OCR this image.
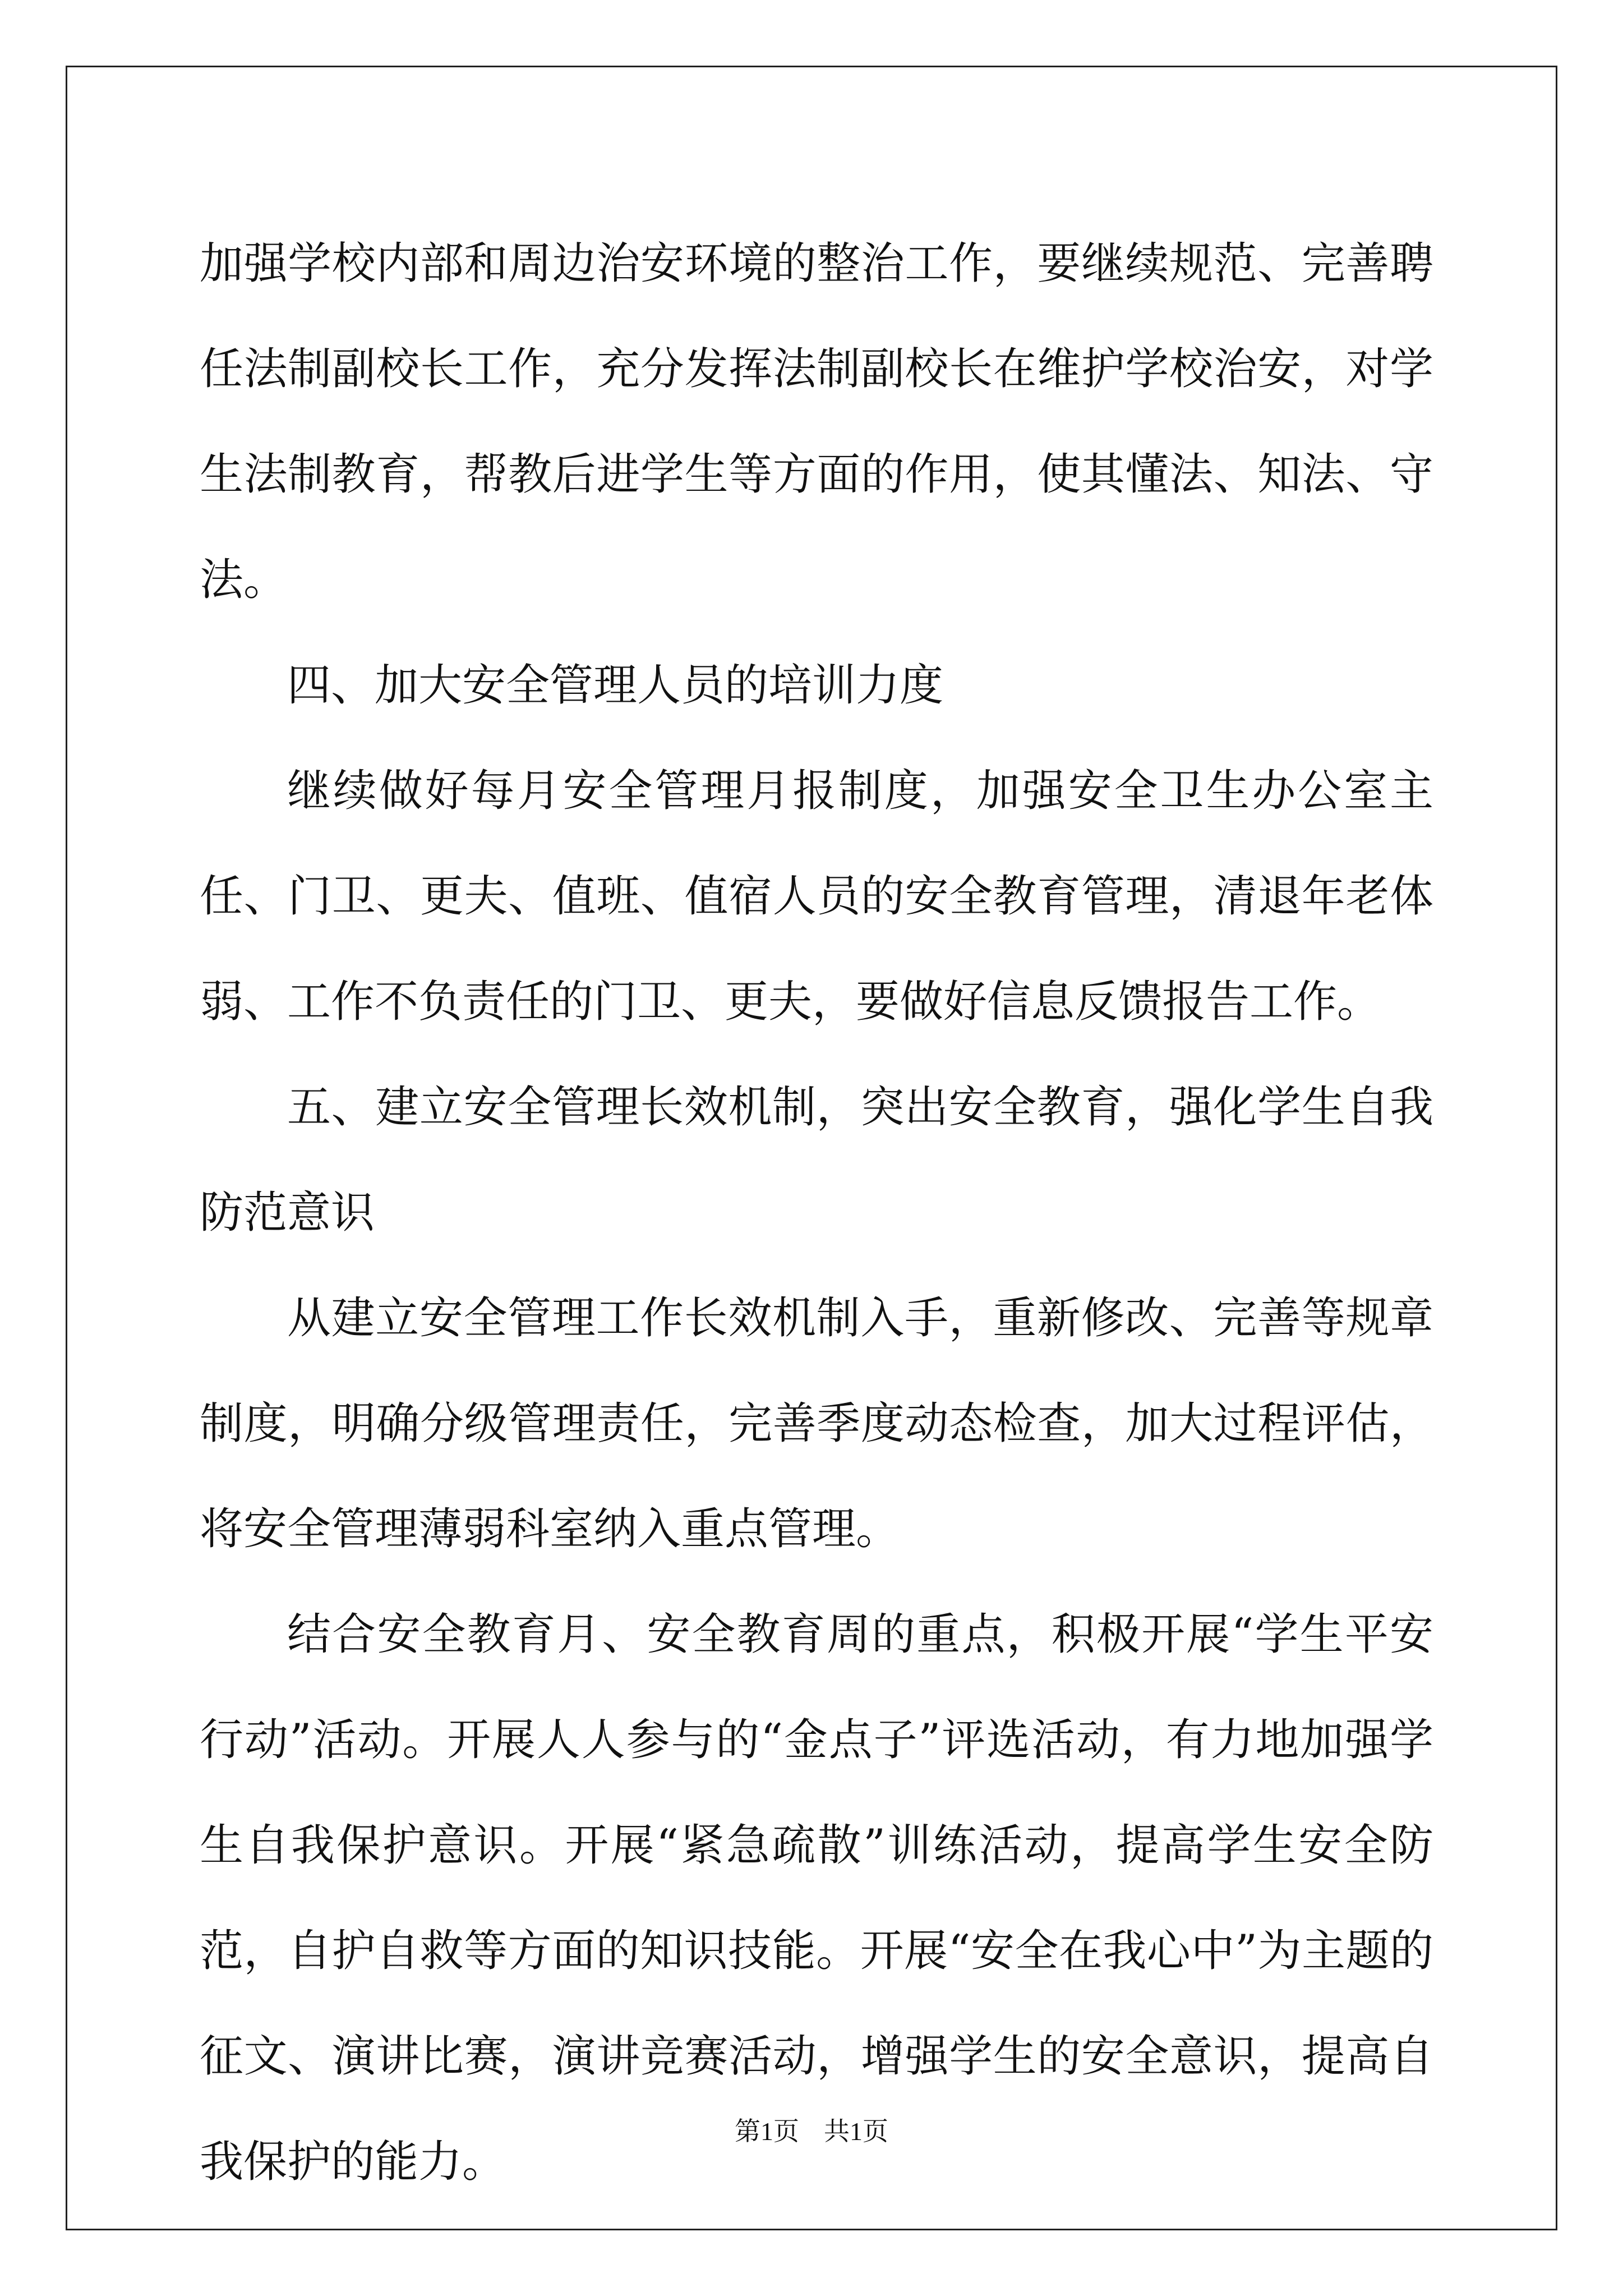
加强学校内部和周边治安环境的整治工作，要继续规范、完善聘任法制副校长工作，充分发挥法制副校长在维护学校治安，对学生法制教育，帮教后进学生等方面的作用，使其懂法、知法、守法。

四、加大安全管理人员的培训力度

继续做好每月安全管理月报制度，加强安全卫生办公室主任、门卫、更夫、值班、值宿人员的安全教育管理，清退年老体弱、工作不负责任的门卫、更夫，要做好信息反馈报告工作。

五、建立安全管理长效机制，突出安全教育，强化学生自我防范意识

从建立安全管理工作长效机制入手，重新修改、完善等规章制度，明确分级管理责任，完善季度动态检查，加大过程评估，将安全管理薄弱科室纳入重点管理。

结合安全教育月、安全教育周的重点，积极开展“学生平安行动”活动。开展人人参与的“金点子”评选活动，有力地加强学生自我保护意识。开展“紧急疏散”训练活动，提高学生安全防范，自护自救等方面的知识技能。开展“安全在我心中”为主题的征文、演讲比赛，演讲竞赛活动，增强学生的安全意识，提高自我保护的能力。

第1页 共1页
